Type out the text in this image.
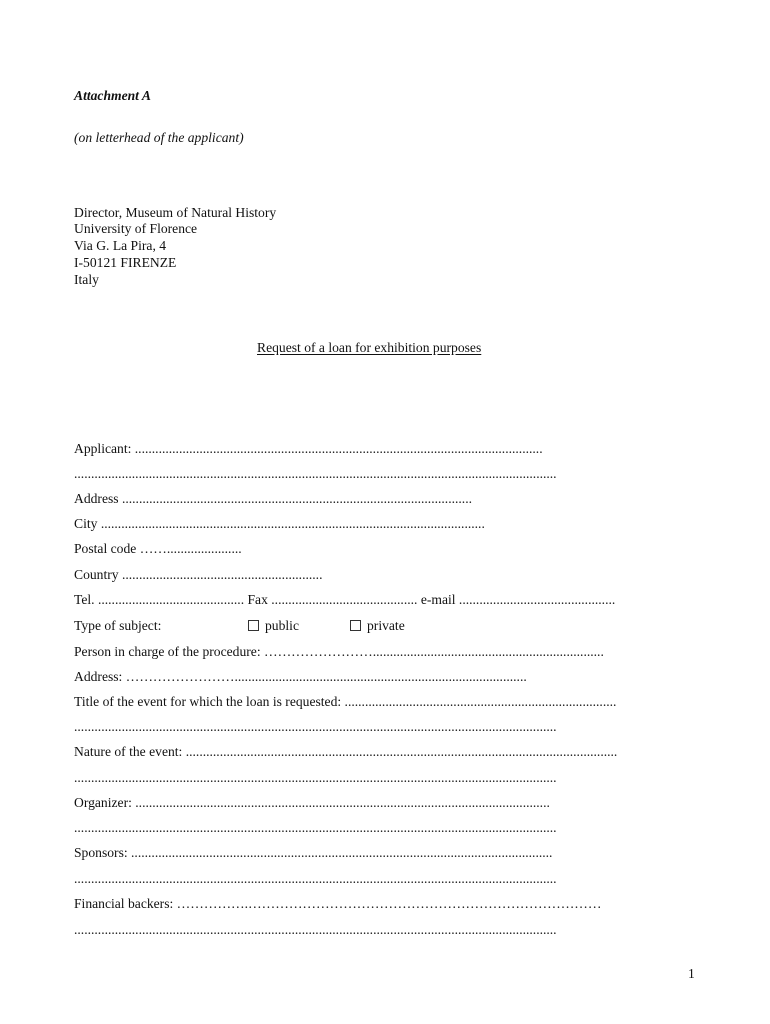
Attachment A
(on letterhead of the applicant)
Director, Museum of Natural History
University of Florence
Via G. La Pira, 4
I-50121 FIRENZE
Italy
Request of a loan for exhibition purposes
Applicant: ........................................................................................................................
..............................................................................................................................................
Address .......................................................................................................
City .................................................................................................................
Postal code ……......................
Country ...........................................................
Tel. ........................................... Fax ........................................... e-mail ..............................................
Type of subject:	public	private
Person in charge of the procedure: ……………………....................................................................
Address: ……………………......................................................................................
Title of the event for which the loan is requested: ................................................................................
..............................................................................................................................................
Nature of the event: ...............................................................................................................................
..............................................................................................................................................
Organizer: ..........................................................................................................................
..............................................................................................................................................
Sponsors: ............................................................................................................................
..............................................................................................................................................
Financial backers: …………….……………………………………………………………………
..............................................................................................................................................
1
